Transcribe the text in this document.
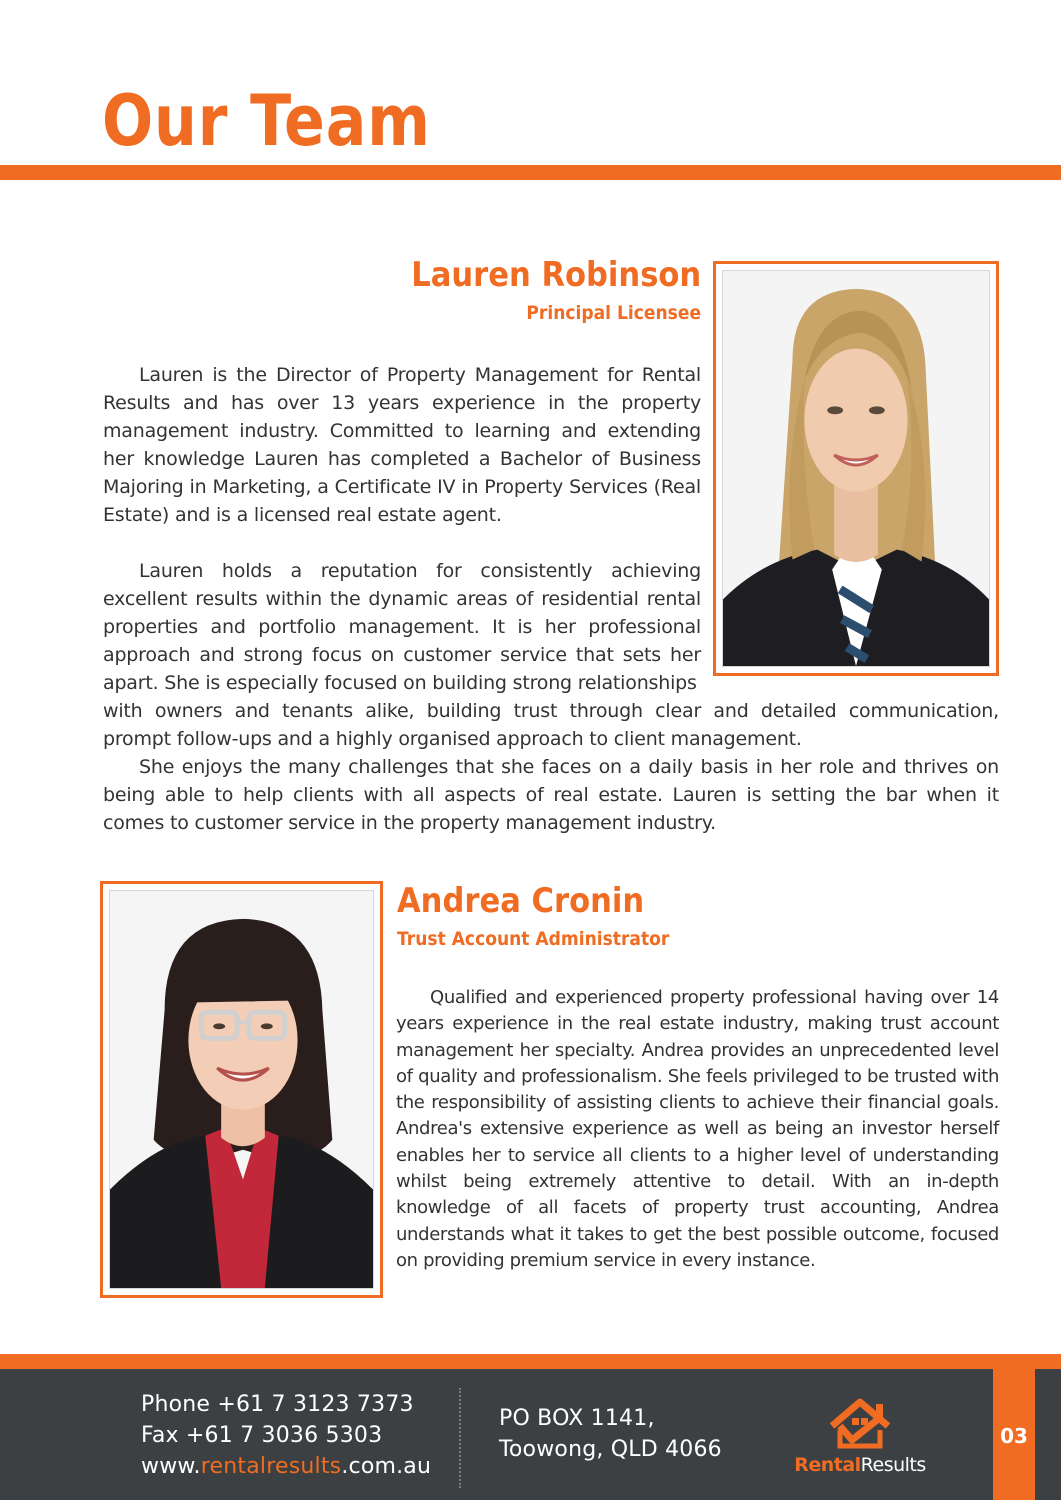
Our Team
Lauren Robinson
Principal Licensee
Lauren is the Director of Property Management for Rental Results and has over 13 years experience in the property management industry. Committed to learning and extending her knowledge Lauren has completed a Bachelor of Business Majoring in Marketing, a Certificate IV in Property Services (Real Estate) and is a licensed real estate agent.
Lauren holds a reputation for consistently achieving excellent results within the dynamic areas of residential rental properties and portfolio management. It is her professional approach and strong focus on customer service that sets her apart. She is especially focused on building strong relationships
with owners and tenants alike, building trust through clear and detailed communication, prompt follow-ups and a highly organised approach to client management.
She enjoys the many challenges that she faces on a daily basis in her role and thrives on being able to help clients with all aspects of real estate. Lauren is setting the bar when it comes to customer service in the property management industry.
Andrea Cronin
Trust Account Administrator
Qualified and experienced property professional having over 14 years experience in the real estate industry, making trust account management her specialty. Andrea provides an unprecedented level of quality and professionalism. She feels privileged to be trusted with the responsibility of assisting clients to achieve their financial goals. Andrea's extensive experience as well as being an investor herself enables her to service all clients to a higher level of understanding whilst being extremely attentive to detail. With an in-depth knowledge of all facets of property trust accounting, Andrea understands what it takes to get the best possible outcome, focused on providing premium service in every instance.
Phone +61 7 3123 7373
Fax +61 7 3036 5303
www.rentalresults.com.au
PO BOX 1141,
Toowong, QLD 4066
RentalResults
03
